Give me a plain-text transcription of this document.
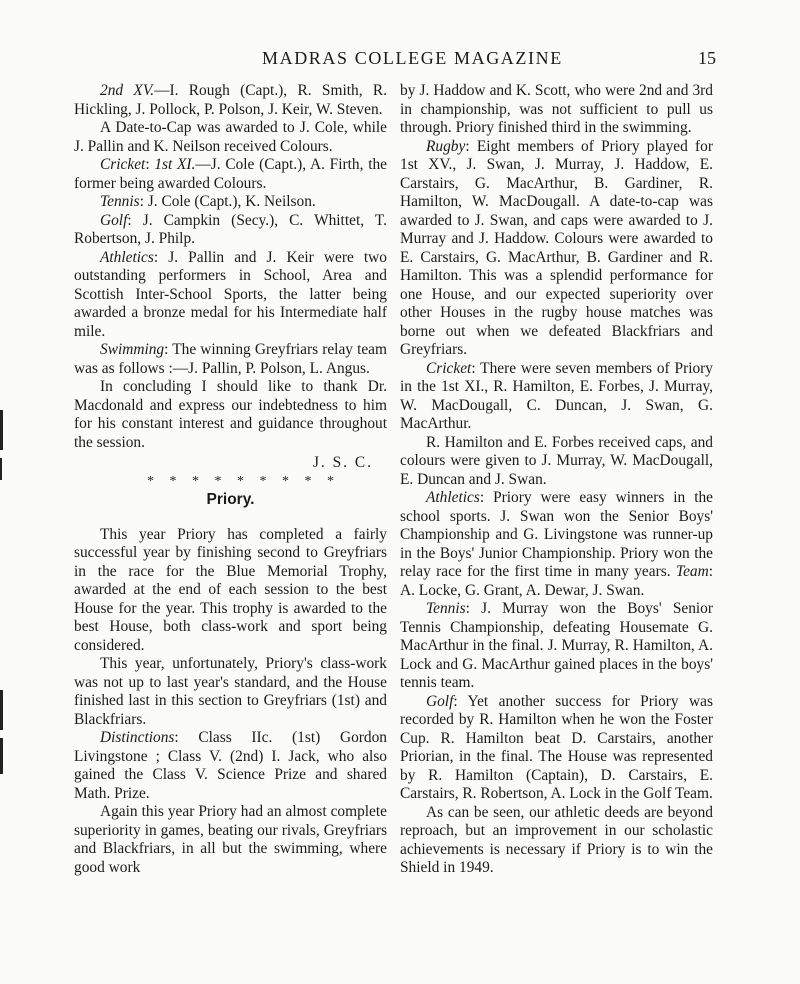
MADRAS COLLEGE MAGAZINE	15

2nd XV.—I. Rough (Capt.), R. Smith, R. Hickling, J. Pollock, P. Polson, J. Keir, W. Steven.

A Date-to-Cap was awarded to J. Cole, while J. Pallin and K. Neilson received Colours.

Cricket: 1st XI.—J. Cole (Capt.), A. Firth, the former being awarded Colours.

Tennis: J. Cole (Capt.), K. Neilson.

Golf: J. Campkin (Secy.), C. Whittet, T. Robertson, J. Philp.

Athletics: J. Pallin and J. Keir were two outstanding performers in School, Area and Scottish Inter-School Sports, the latter being awarded a bronze medal for his Intermediate half mile.

Swimming: The winning Greyfriars relay team was as follows :—J. Pallin, P. Polson, L. Angus.

In concluding I should like to thank Dr. Macdonald and express our indebtedness to him for his constant interest and guidance throughout the session.

J. S. C.

* * * * * * * * *

Priory.

This year Priory has completed a fairly successful year by finishing second to Greyfriars in the race for the Blue Memorial Trophy, awarded at the end of each session to the best House for the year. This trophy is awarded to the best House, both class-work and sport being considered.

This year, unfortunately, Priory's class-work was not up to last year's standard, and the House finished last in this section to Greyfriars (1st) and Blackfriars.

Distinctions: Class IIc. (1st) Gordon Livingstone ; Class V. (2nd) I. Jack, who also gained the Class V. Science Prize and shared Math. Prize.

Again this year Priory had an almost complete superiority in games, beating our rivals, Greyfriars and Blackfriars, in all but the swimming, where good work

by J. Haddow and K. Scott, who were 2nd and 3rd in championship, was not sufficient to pull us through. Priory finished third in the swimming.

Rugby: Eight members of Priory played for 1st XV., J. Swan, J. Murray, J. Haddow, E. Carstairs, G. MacArthur, B. Gardiner, R. Hamilton, W. MacDougall. A date-to-cap was awarded to J. Swan, and caps were awarded to J. Murray and J. Haddow. Colours were awarded to E. Carstairs, G. MacArthur, B. Gardiner and R. Hamilton. This was a splendid performance for one House, and our expected superiority over other Houses in the rugby house matches was borne out when we defeated Blackfriars and Greyfriars.

Cricket: There were seven members of Priory in the 1st XI., R. Hamilton, E. Forbes, J. Murray, W. MacDougall, C. Duncan, J. Swan, G. MacArthur.

R. Hamilton and E. Forbes received caps, and colours were given to J. Murray, W. MacDougall, E. Duncan and J. Swan.

Athletics: Priory were easy winners in the school sports. J. Swan won the Senior Boys' Championship and G. Livingstone was runner-up in the Boys' Junior Championship. Priory won the relay race for the first time in many years. Team: A. Locke, G. Grant, A. Dewar, J. Swan.

Tennis: J. Murray won the Boys' Senior Tennis Championship, defeating Housemate G. MacArthur in the final. J. Murray, R. Hamilton, A. Lock and G. MacArthur gained places in the boys' tennis team.

Golf: Yet another success for Priory was recorded by R. Hamilton when he won the Foster Cup. R. Hamilton beat D. Carstairs, another Priorian, in the final. The House was represented by R. Hamilton (Captain), D. Carstairs, E. Carstairs, R. Robertson, A. Lock in the Golf Team.

As can be seen, our athletic deeds are beyond reproach, but an improvement in our scholastic achievements is necessary if Priory is to win the Shield in 1949.
